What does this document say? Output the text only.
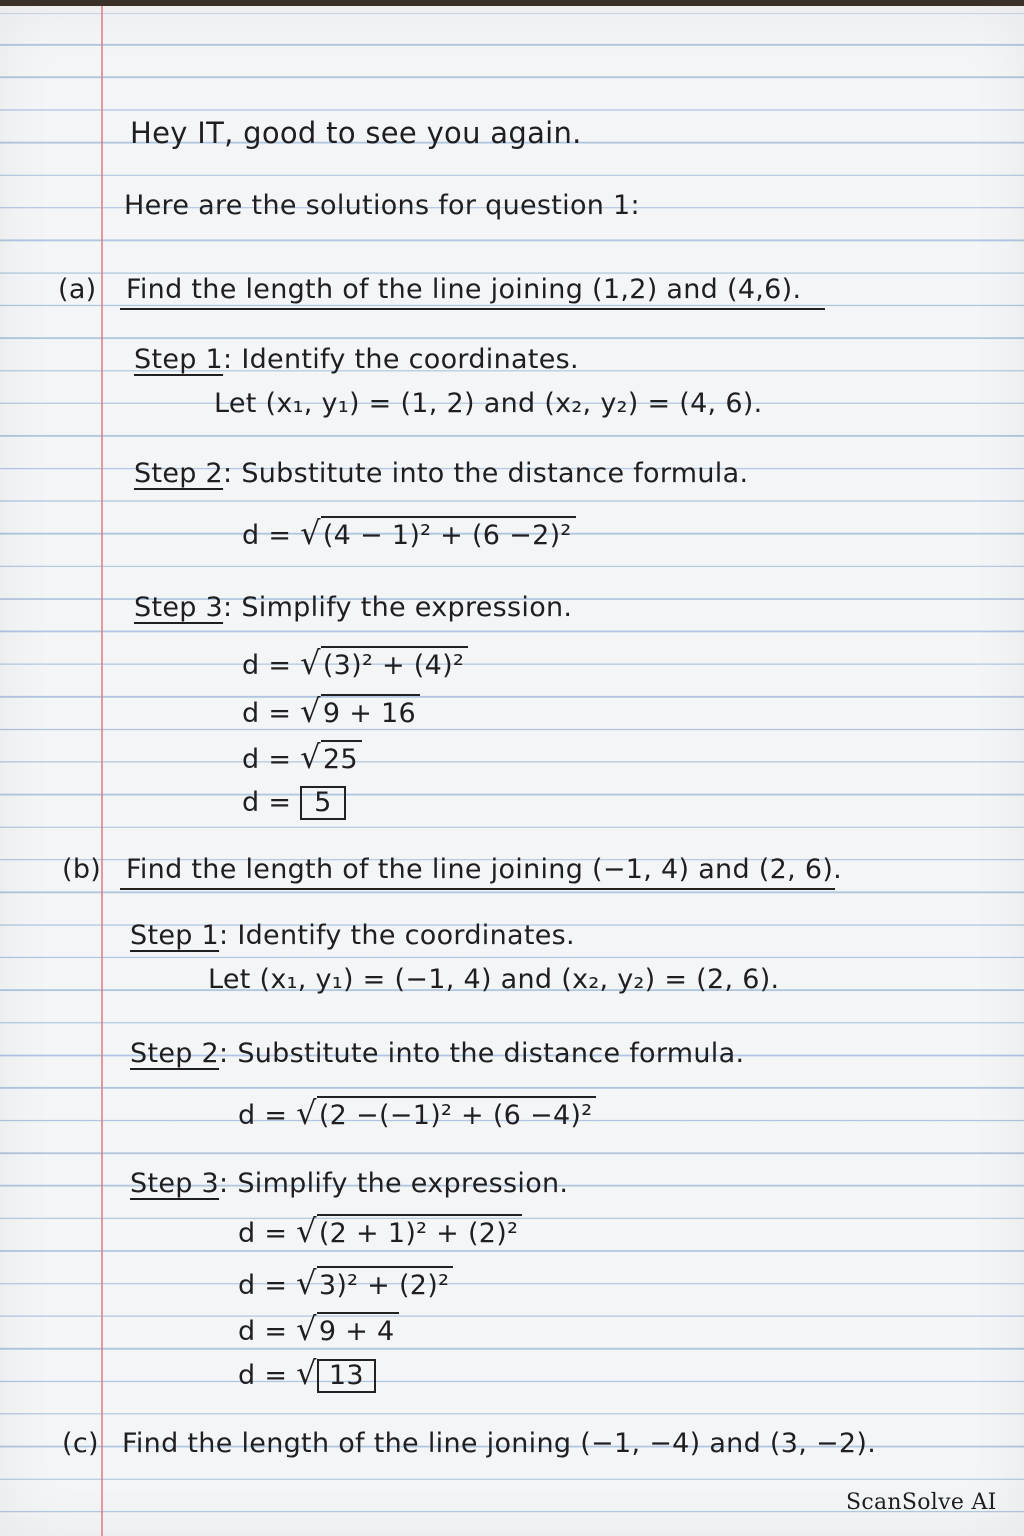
Hey IT, good to see you again.
Here are the solutions for question 1:
(a) Find the length of the line joining (1,2) and (4,6).
Step 1: Identify the coordinates.
Let (x₁, y₁) = (1, 2) and (x₂, y₂) = (4, 6).
Step 2: Substitute into the distance formula.
d = √(4 − 1)² + (6 −2)²
Step 3: Simplify the expression.
d = √(3)² + (4)²
d = √9 + 16
d = √25
d = 5
(b) Find the length of the line joining (−1, 4) and (2, 6).
Step 1: Identify the coordinates.
Let (x₁, y₁) = (−1, 4) and (x₂, y₂) = (2, 6).
Step 2: Substitute into the distance formula.
d = √(2 −(−1)² + (6 −4)²
Step 3: Simplify the expression.
d = √(2 + 1)² + (2)²
d = √3)² + (2)²
d = √9 + 4
d = √ 13
(c) Find the length of the line joning (−1, −4) and (3, −2).
ScanSolve AI
